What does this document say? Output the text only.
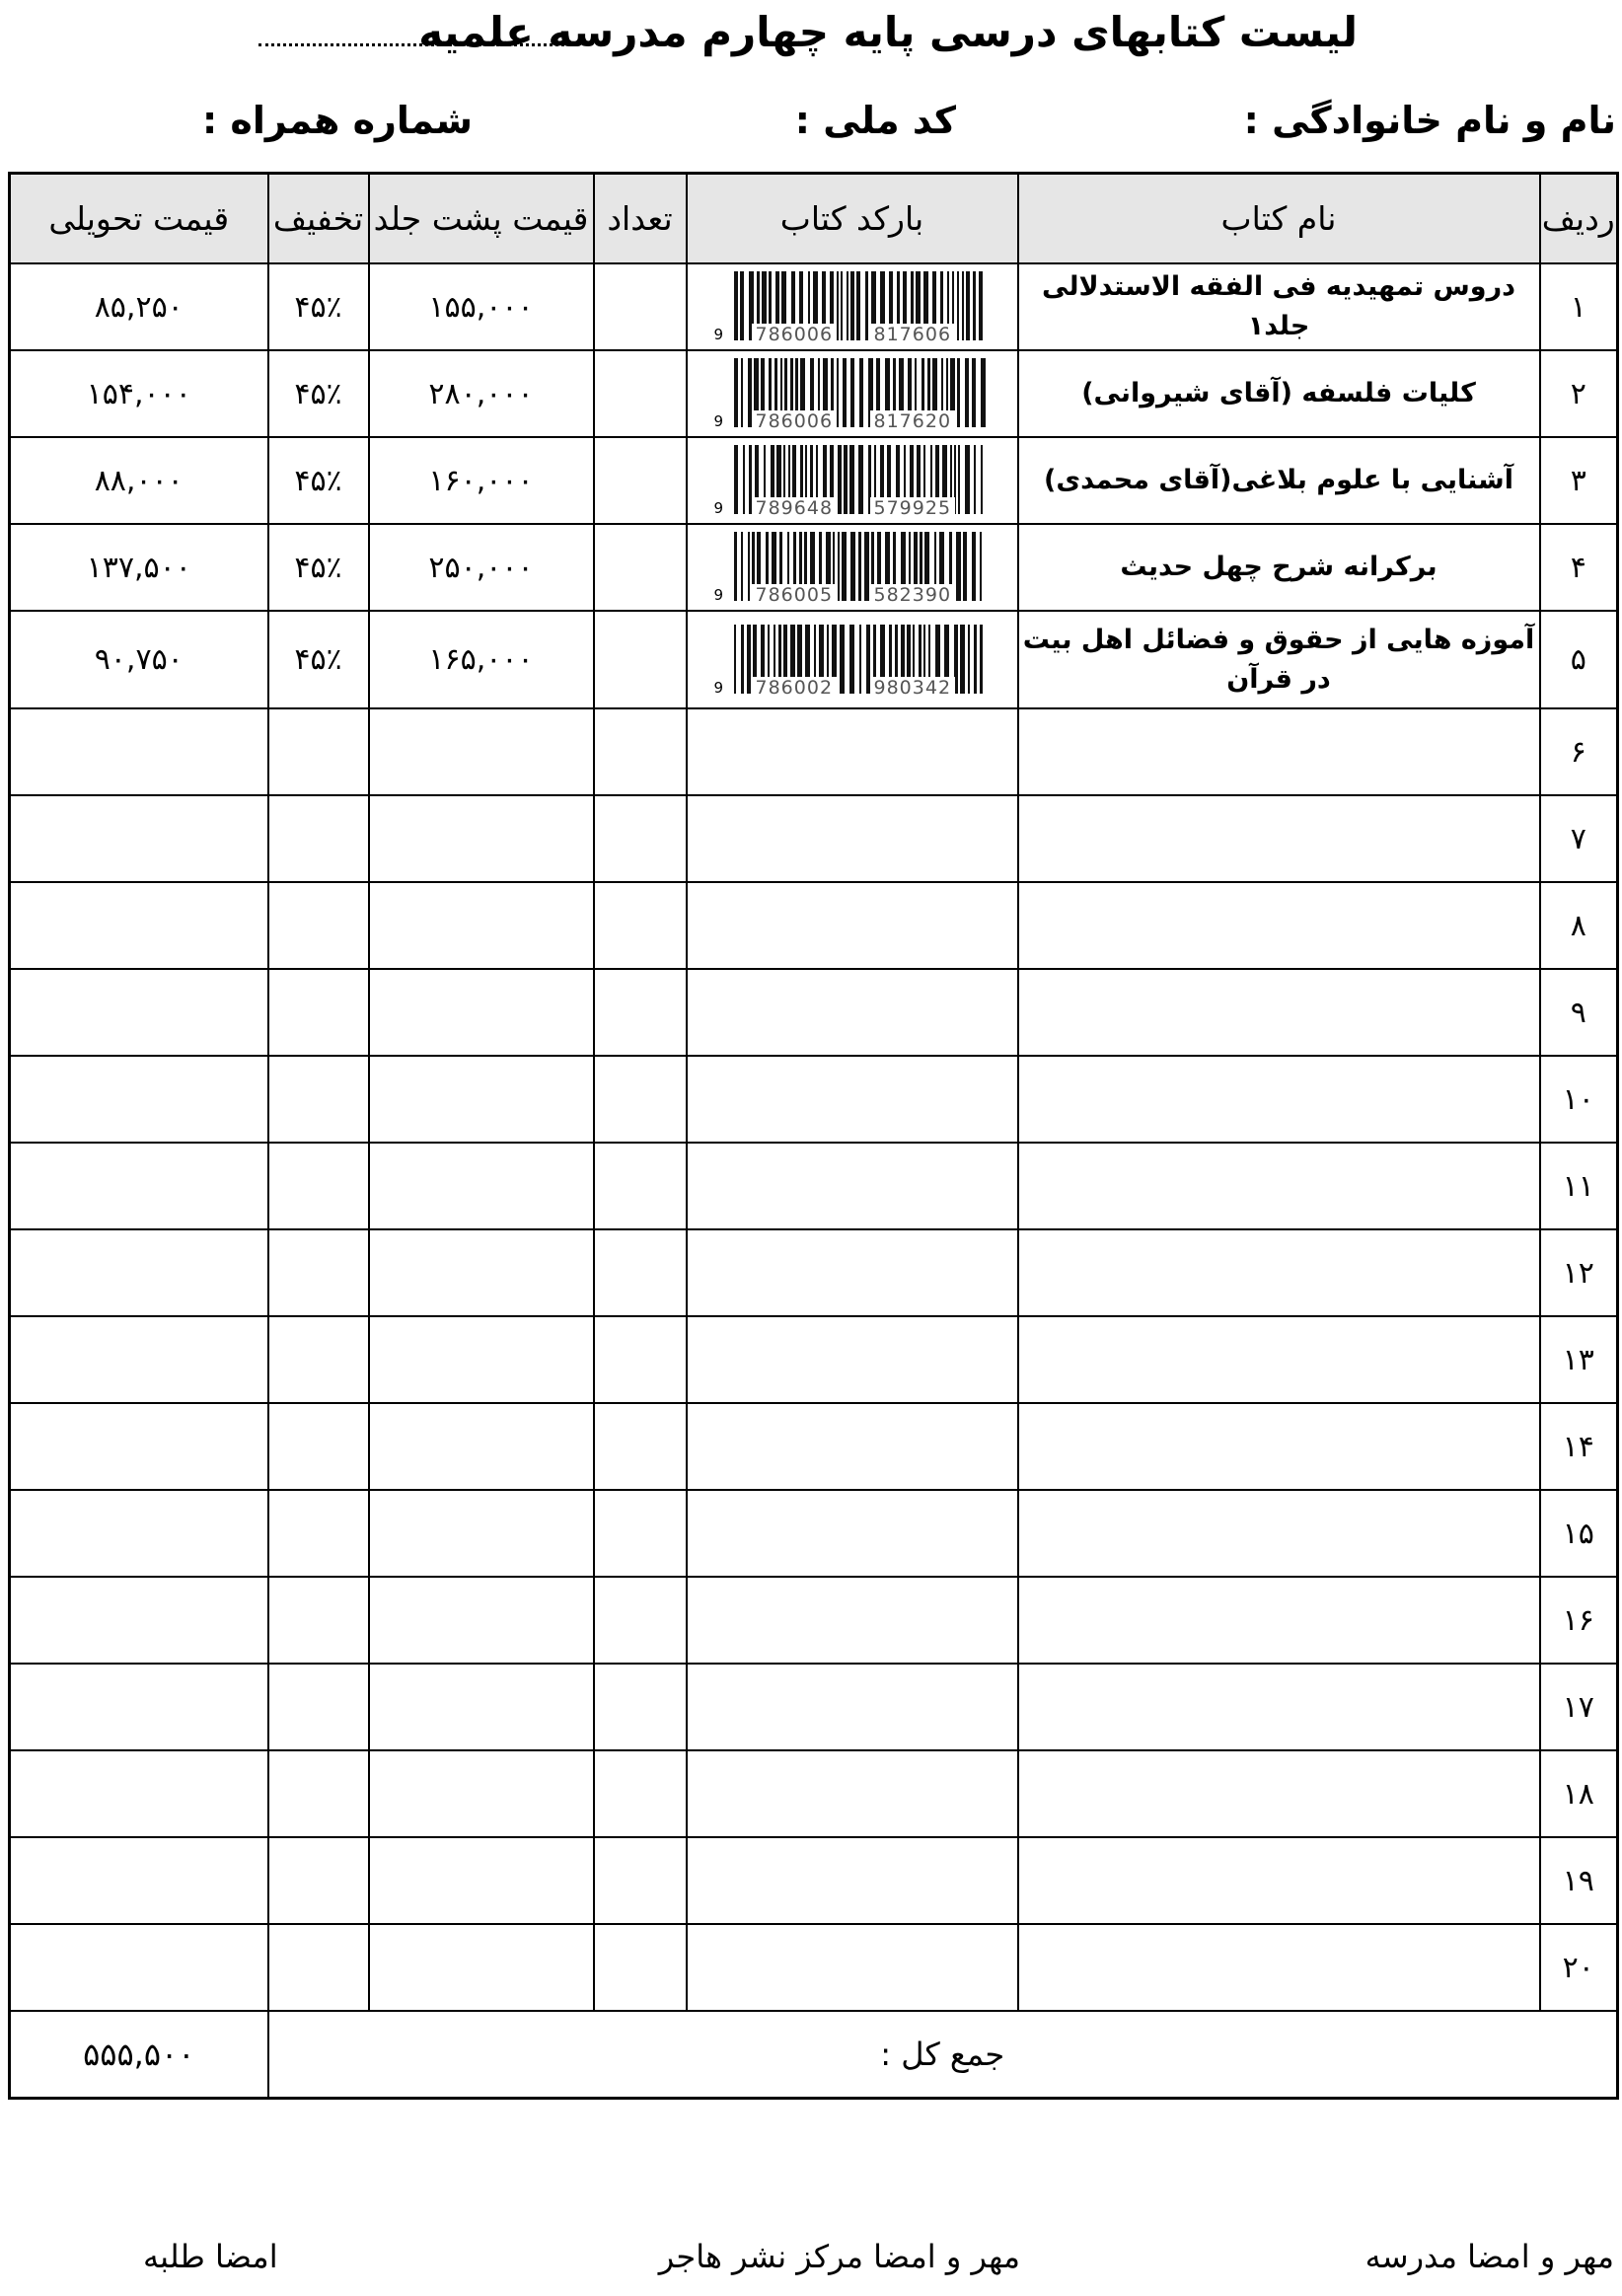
لیست کتابهای درسی پایه چهارم مدرسه علمیه
نام و نام خانوادگی :
کد ملی :
شماره همراه :
ردیف	نام کتاب	بارکد کتاب	تعداد	قیمت پشت جلد	تخفیف	قیمت تحویلی
۱	دروس تمهیدیه فی الفقه الاستدلالی جلد۱	9 786006 817606		۱۵۵,۰۰۰	۴۵٪	۸۵,۲۵۰
۲	کلیات فلسفه (آقای شیروانی)	9 786006 817620		۲۸۰,۰۰۰	۴۵٪	۱۵۴,۰۰۰
۳	آشنایی با علوم بلاغی(آقای محمدی)	9 789648 579925		۱۶۰,۰۰۰	۴۵٪	۸۸,۰۰۰
۴	برکرانه شرح چهل حدیث	9 786005 582390		۲۵۰,۰۰۰	۴۵٪	۱۳۷,۵۰۰
۵	آموزه هایی از حقوق و فضائل اهل بیت در قرآن	9 786002 980342		۱۶۵,۰۰۰	۴۵٪	۹۰,۷۵۰
۶						
۷						
۸						
۹						
۱۰						
۱۱						
۱۲						
۱۳						
۱۴						
۱۵						
۱۶						
۱۷						
۱۸						
۱۹						
۲۰						
جمع کل :						۵۵۵,۵۰۰
مهر و امضا مدرسه
مهر و امضا مرکز نشر هاجر
امضا طلبه
